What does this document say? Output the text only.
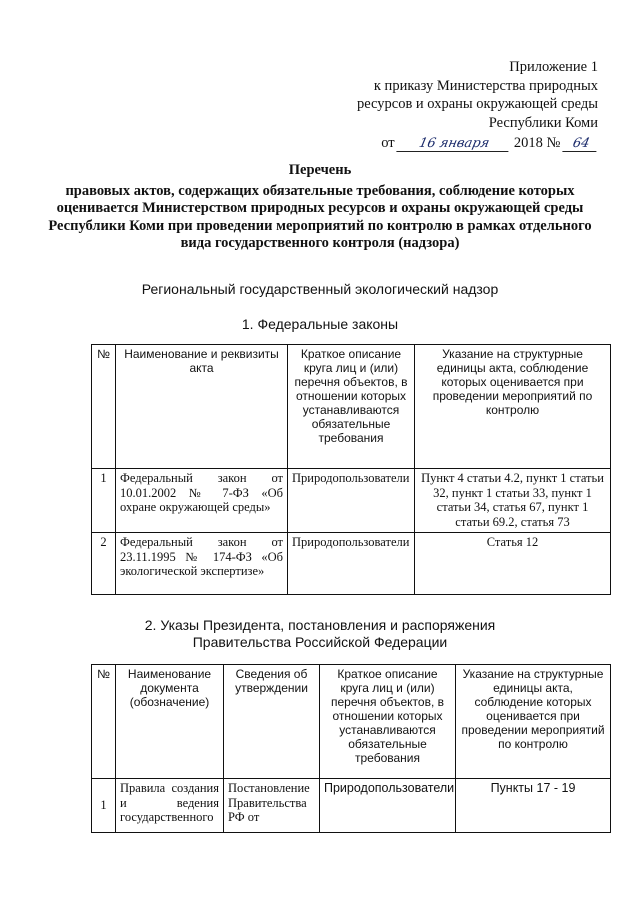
Приложение 1
к приказу Министерства природных
ресурсов и охраны окружающей среды
Республики Коми
от 16 января 2018 № 64
Перечень
правовых актов, содержащих обязательные требования, соблюдение которых оценивается Министерством природных ресурсов и охраны окружающей среды Республики Коми при проведении мероприятий по контролю в рамках отдельного вида государственного контроля (надзора)
Региональный государственный экологический надзор
1. Федеральные законы
№	Наименование и реквизиты акта	Краткое описание круга лиц и (или) перечня объектов, в отношении которых устанавливаются обязательные требования	Указание на структурные единицы акта, соблюдение которых оценивается при проведении мероприятий по контролю
1	Федеральный закон от 10.01.2002 № 7-ФЗ «Об охране окружающей среды»	Природопользователи	Пункт 4 статьи 4.2, пункт 1 статьи 32, пункт 1 статьи 33, пункт 1 статьи 34, статья 67, пункт 1 статьи 69.2, статья 73
2	Федеральный закон от 23.11.1995 № 174-ФЗ «Об экологической экспертизе»	Природопользователи	Статья 12
2. Указы Президента, постановления и распоряжения
Правительства Российской Федерации
№	Наименование документа (обозначение)	Сведения об утверждении	Краткое описание круга лиц и (или) перечня объектов, в отношении которых устанавливаются обязательные требования	Указание на структурные единицы акта, соблюдение которых оценивается при проведении мероприятий по контролю
1	Правила создания и ведения государственного	Постановление Правительства РФ от	Природопользователи	Пункты 17 - 19
